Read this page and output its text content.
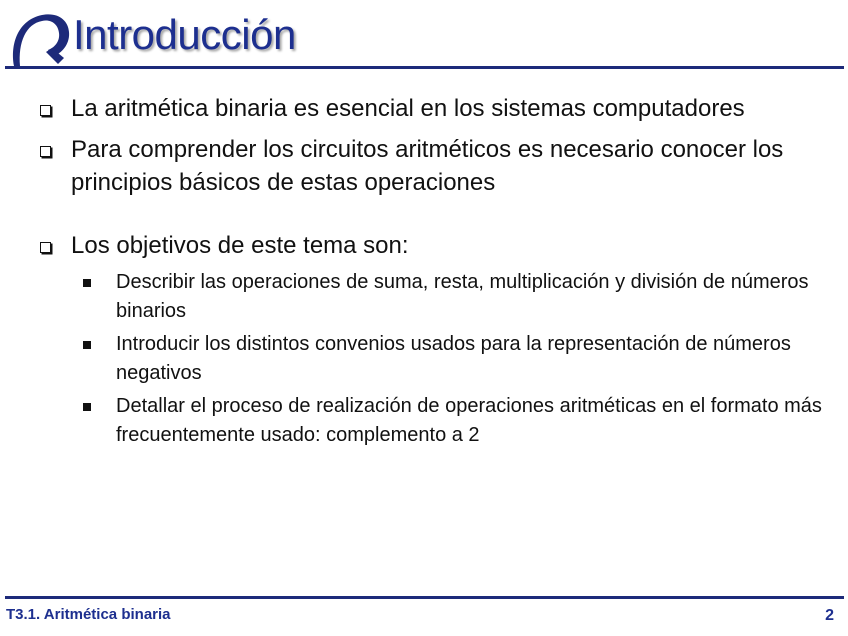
Introducción
La aritmética binaria es esencial en los sistemas computadores
Para comprender los circuitos aritméticos es necesario conocer los principios básicos de estas operaciones
Los objetivos de este tema son:
Describir las operaciones de suma, resta, multiplicación y división de números binarios
Introducir los distintos convenios usados para la representación de números negativos
Detallar el proceso de realización de operaciones aritméticas en el formato más frecuentemente usado: complemento a 2
T3.1. Aritmética binaria	2
